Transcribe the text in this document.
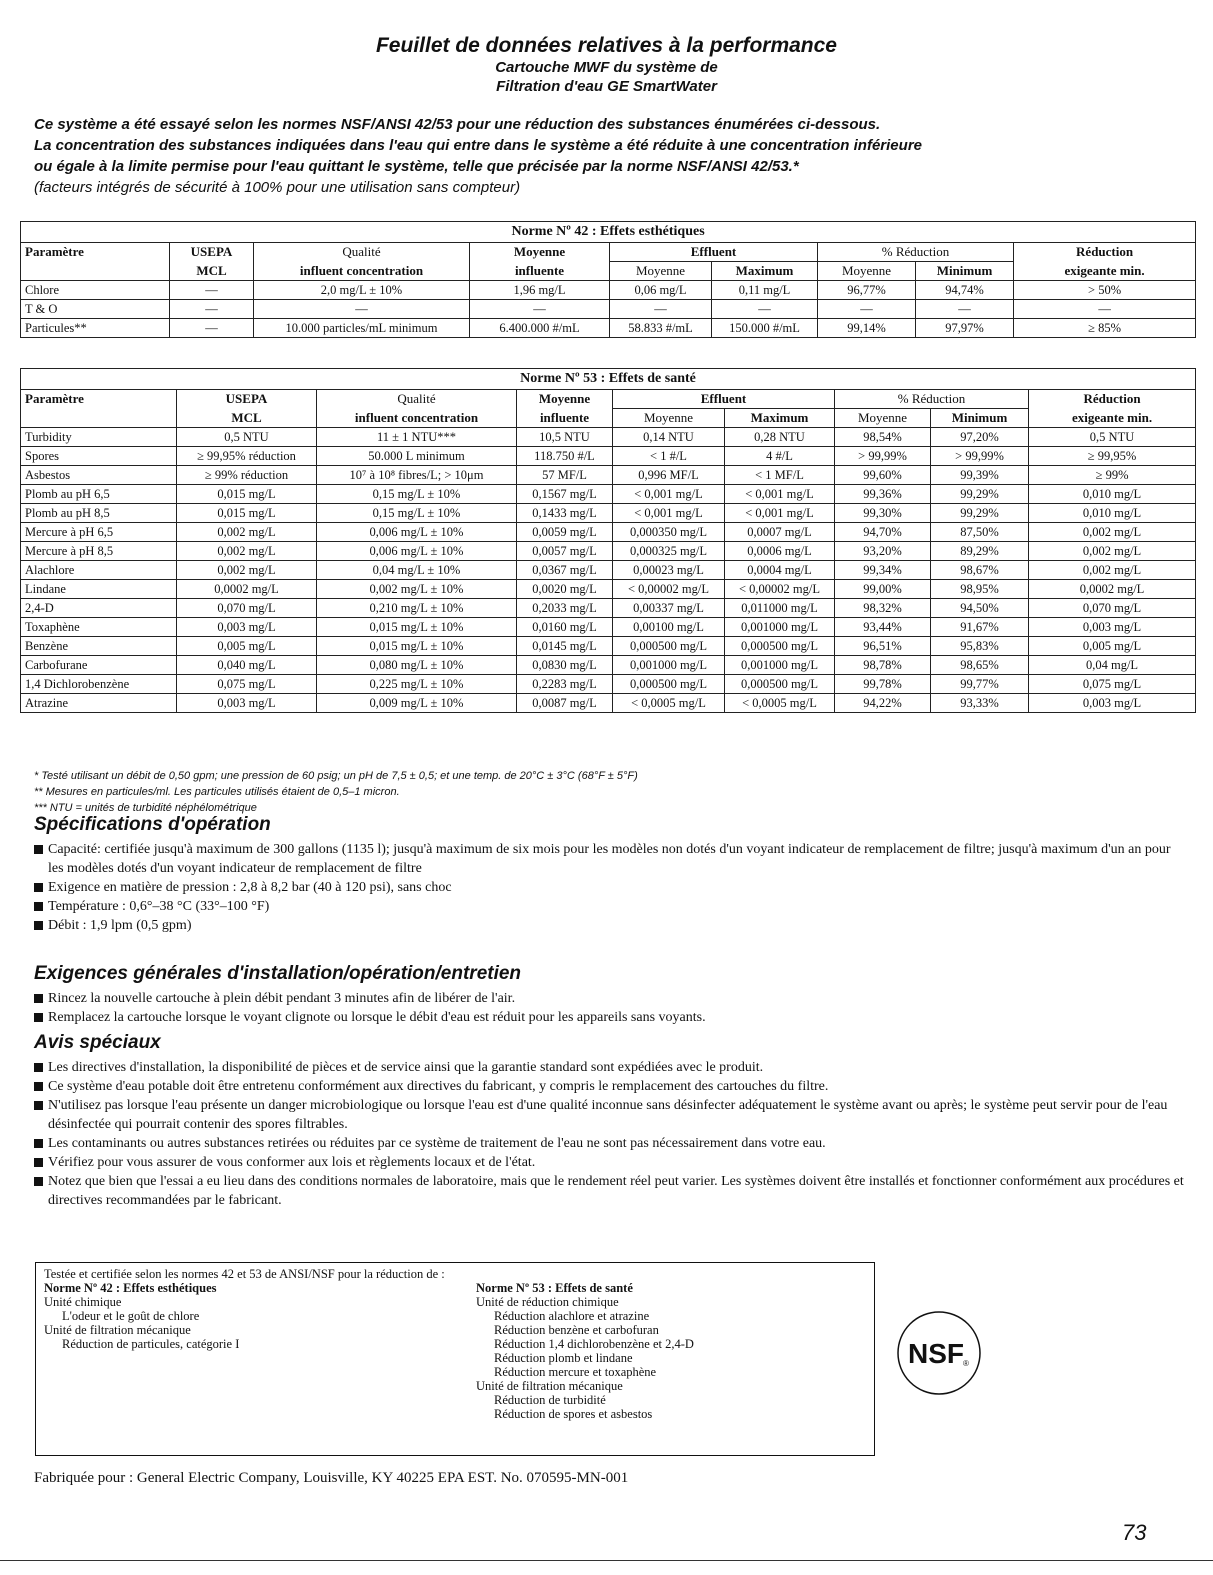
Feuillet de données relatives à la performance
Cartouche MWF du système de
Filtration d'eau GE SmartWater
Ce système a été essayé selon les normes NSF/ANSI 42/53 pour une réduction des substances énumérées ci-dessous.
La concentration des substances indiquées dans l'eau qui entre dans le système a été réduite à une concentration inférieure
ou égale à la limite permise pour l'eau quittant le système, telle que précisée par la norme NSF/ANSI 42/53.*
(facteurs intégrés de sécurité à 100% pour une utilisation sans compteur)
Norme Nº 42 : Effets esthétiques								
Paramètre	USEPA	Qualité	Moyenne	Effluent		% Réduction		Réduction
	MCL	influent concentration	influente	Moyenne	Maximum	Moyenne	Minimum	exigeante min.
Chlore	—	2,0 mg/L ± 10%	1,96 mg/L	0,06 mg/L	0,11 mg/L	96,77%	94,74%	> 50%
T & O	—	—	—	—	—	—	—	—
Particules**	—	10.000 particles/mL minimum	6.400.000 #/mL	58.833 #/mL	150.000 #/mL	99,14%	97,97%	≥ 85%
Norme Nº 53 : Effets de santé								
Paramètre	USEPA	Qualité	Moyenne	Effluent		% Réduction		Réduction
	MCL	influent concentration	influente	Moyenne	Maximum	Moyenne	Minimum	exigeante min.
Turbidity	0,5 NTU	11 ± 1 NTU***	10,5 NTU	0,14 NTU	0,28 NTU	98,54%	97,20%	0,5 NTU
Spores	≥ 99,95% réduction	50.000 L minimum	118.750 #/L	< 1 #/L	4 #/L	> 99,99%	> 99,99%	≥ 99,95%
Asbestos	≥ 99% réduction	10⁷ à 10⁸ fibres/L; > 10μm	57 MF/L	0,996 MF/L	< 1 MF/L	99,60%	99,39%	≥ 99%
Plomb au pH 6,5	0,015 mg/L	0,15 mg/L ± 10%	0,1567 mg/L	< 0,001 mg/L	< 0,001 mg/L	99,36%	99,29%	0,010 mg/L
Plomb au pH 8,5	0,015 mg/L	0,15 mg/L ± 10%	0,1433 mg/L	< 0,001 mg/L	< 0,001 mg/L	99,30%	99,29%	0,010 mg/L
Mercure à pH 6,5	0,002 mg/L	0,006 mg/L ± 10%	0,0059 mg/L	0,000350 mg/L	0,0007 mg/L	94,70%	87,50%	0,002 mg/L
Mercure à pH 8,5	0,002 mg/L	0,006 mg/L ± 10%	0,0057 mg/L	0,000325 mg/L	0,0006 mg/L	93,20%	89,29%	0,002 mg/L
Alachlore	0,002 mg/L	0,04 mg/L ± 10%	0,0367 mg/L	0,00023 mg/L	0,0004 mg/L	99,34%	98,67%	0,002 mg/L
Lindane	0,0002 mg/L	0,002 mg/L ± 10%	0,0020 mg/L	< 0,00002 mg/L	< 0,00002 mg/L	99,00%	98,95%	0,0002 mg/L
2,4-D	0,070 mg/L	0,210 mg/L ± 10%	0,2033 mg/L	0,00337 mg/L	0,011000 mg/L	98,32%	94,50%	0,070 mg/L
Toxaphène	0,003 mg/L	0,015 mg/L ± 10%	0,0160 mg/L	0,00100 mg/L	0,001000 mg/L	93,44%	91,67%	0,003 mg/L
Benzène	0,005 mg/L	0,015 mg/L ± 10%	0,0145 mg/L	0,000500 mg/L	0,000500 mg/L	96,51%	95,83%	0,005 mg/L
Carbofurane	0,040 mg/L	0,080 mg/L ± 10%	0,0830 mg/L	0,001000 mg/L	0,001000 mg/L	98,78%	98,65%	0,04 mg/L
1,4 Dichlorobenzène	0,075 mg/L	0,225 mg/L ± 10%	0,2283 mg/L	0,000500 mg/L	0,000500 mg/L	99,78%	99,77%	0,075 mg/L
Atrazine	0,003 mg/L	0,009 mg/L ± 10%	0,0087 mg/L	< 0,0005 mg/L	< 0,0005 mg/L	94,22%	93,33%	0,003 mg/L
* Testé utilisant un débit de 0,50 gpm; une pression de 60 psig; un pH de 7,5 ± 0,5; et une temp. de 20°C ± 3°C (68°F ± 5°F)
** Mesures en particules/ml. Les particules utilisés étaient de 0,5–1 micron.
*** NTU = unités de turbidité néphélométrique
Spécifications d'opération
Capacité: certifiée jusqu'à maximum de 300 gallons (1135 l); jusqu'à maximum de six mois pour les modèles non dotés d'un voyant indicateur de remplacement de filtre; jusqu'à maximum d'un an pour les modèles dotés d'un voyant indicateur de remplacement de filtre
Exigence en matière de pression : 2,8 à 8,2 bar (40 à 120 psi), sans choc
Température : 0,6°–38 °C (33°–100 °F)
Débit : 1,9 lpm (0,5 gpm)
Exigences générales d'installation/opération/entretien
Rincez la nouvelle cartouche à plein débit pendant 3 minutes afin de libérer de l'air.
Remplacez la cartouche lorsque le voyant clignote ou lorsque le débit d'eau est réduit pour les appareils sans voyants.
Avis spéciaux
Les directives d'installation, la disponibilité de pièces et de service ainsi que la garantie standard sont expédiées avec le produit.
Ce système d'eau potable doit être entretenu conformément aux directives du fabricant, y compris le remplacement des cartouches du filtre.
N'utilisez pas lorsque l'eau présente un danger microbiologique ou lorsque l'eau est d'une qualité inconnue sans désinfecter adéquatement le système avant ou après; le système peut servir pour de l'eau désinfectée qui pourrait contenir des spores filtrables.
Les contaminants ou autres substances retirées ou réduites par ce système de traitement de l'eau ne sont pas nécessairement dans votre eau.
Vérifiez pour vous assurer de vous conformer aux lois et règlements locaux et de l'état.
Notez que bien que l'essai a eu lieu dans des conditions normales de laboratoire, mais que le rendement réel peut varier. Les systèmes doivent être installés et fonctionner conformément aux procédures et directives recommandées par le fabricant.
Testée et certifiée selon les normes 42 et 53 de ANSI/NSF pour la réduction de :
Norme Nº 42 : Effets esthétiques
Unité chimique
L'odeur et le goût de chlore
Unité de filtration mécanique
Réduction de particules, catégorie I
Norme Nº 53 : Effets de santé
Unité de réduction chimique
Réduction alachlore et atrazine
Réduction benzène et carbofuran
Réduction 1,4 dichlorobenzène et 2,4-D
Réduction plomb et lindane
Réduction mercure et toxaphène
Unité de filtration mécanique
Réduction de turbidité
Réduction de spores et asbestos
NSF ®
Fabriquée pour : General Electric Company, Louisville, KY 40225 EPA EST. No. 070595-MN-001
73
